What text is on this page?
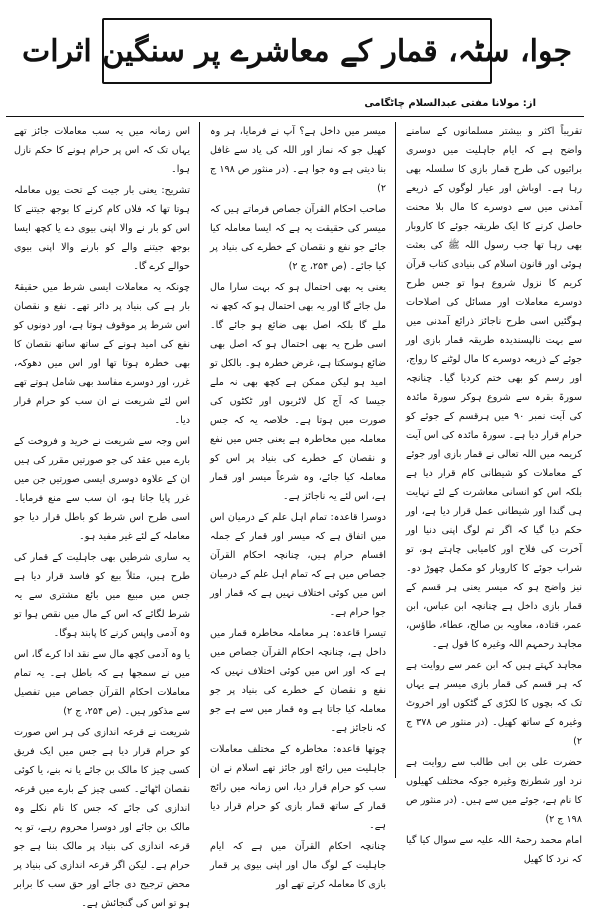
جوا، سٹہ، قمار کے معاشرے پر سنگین اثرات
از: مولانا مفتی عبدالسلام چاٹگامی

تقریباً اکثر و بیشتر مسلمانوں کے سامنے واضح ہے کہ ایام جاہلیت میں دوسری برائیوں کی طرح قمار بازی کا سلسلہ بھی رہا ہے۔ اوباش اور عیار لوگوں کے ذریعے آمدنی میں سے دوسرے کا مال بلا محنت حاصل کرنے کا ایک طریقہ جوئے کا کاروبار بھی رہا تھا جب رسول اللہ ﷺ کی بعثت ہوئی اور قانون اسلام کی بنیادی کتاب قرآن کریم کا نزول شروع ہوا تو جس طرح دوسرے معاملات اور مسائل کی اصلاحات ہوگئیں اسی طرح ناجائز ذرائع آمدنی میں سے بہت نالپسندیدہ طریقہ قمار بازی اور جوئے کے ذریعہ دوسرے کا مال لوٹنے کا رواج، اور رسم کو بھی ختم کردیا گیا۔ چنانچہ سورۃ بقرہ سے شروع ہوکر سورۃ مائدہ کی آیت نمبر ۹۰ میں ہرقسم کے جوئے کو حرام قرار دیا ہے۔ سورۃ مائدہ کی اس آیت کریمہ میں اللہ تعالی نے قمار بازی اور جوئے کے معاملات کو شیطانی کام قرار دیا ہے بلکہ اس کو انسانی معاشرت کے لئے نہایت ہی گندا اور شیطانی عمل قرار دیا ہے، اور حکم دیا گیا کہ اگر تم لوگ اپنی دنیا اور آخرت کی فلاح اور کامیابی چاہتے ہو، تو شراب جوئے کا کاروبار کو مکمل چھوڑ دو۔ نیز واضح ہو کہ میسر یعنی ہر قسم کے قمار بازی داخل ہے چنانچہ ابن عباس، ابن عمر، قتادہ، معاویہ بن صالح، عطاء، طاؤس، مجاہد رحمہم اللہ وغیرہ کا قول ہے۔

مجاہد کہتے ہیں کہ ابن عمر سے روایت ہے کہ ہر قسم کی قمار بازی میسر ہے یہاں تک کہ بچوں کا لکڑی کے گٹکوں اور اخروٹ وغیرہ کے ساتھ کھیل۔ (در منثور ص ۳۷۸ ج ۲)

حضرت علی بن ابی طالب سے روایت ہے نرد اور شطرنج وغیرہ جوکہ مختلف کھیلوں کا نام ہے، جوئے میں سے ہیں۔ (در منثور ص ۱۹۸ ج ۲)

امام محمد رحمۃ اللہ علیہ سے سوال کیا گیا کہ نرد کا کھیل

میسر میں داخل ہے؟ آپ نے فرمایا، ہر وہ کھیل جو کہ نماز اور اللہ کی یاد سے غافل بنا دیتی ہے وہ جوا ہے۔ (در منثور ص ۱۹۸ ج ۲)

صاحب احکام القرآن جصاص فرماتے ہیں کہ میسر کی حقیقت یہ ہے کہ ایسا معاملہ کیا جائے جو نفع و نقصان کے خطرے کی بنیاد پر کیا جائے۔ (ص ۲۵۴، ج ۲)

یعنی یہ بھی احتمال ہو کہ بہت سارا مال مل جائے گا اور یہ بھی احتمال ہو کہ کچھ نہ ملے گا بلکہ اصل بھی ضائع ہو جائے گا۔ اسی طرح یہ بھی احتمال ہو کہ اصل بھی ضائع ہوسکتا ہے، غرض خطرہ ہو۔ بالکل تو امید ہو لیکن ممکن ہے کچھ بھی نہ ملے جیسا کہ آج کل لاٹریوں اور ٹکٹوں کی صورت میں ہوتا ہے۔ خلاصہ یہ کہ جس معاملہ میں مخاطرہ ہے یعنی جس میں نفع و نقصان کے خطرے کی بنیاد پر اس کو معاملہ کیا جائے، وہ شرعاً میسر اور قمار ہے، اس لئے یہ ناجائز ہے۔

دوسرا قاعدہ: تمام اہل علم کے درمیان اس میں اتفاق ہے کہ میسر اور قمار کے جملہ اقسام حرام ہیں، چنانچہ احکام القرآن جصاص میں ہے کہ تمام اہل علم کے درمیان اس میں کوئی اختلاف نہیں ہے کہ قمار اور جوا حرام ہے۔

تیسرا قاعدہ: ہر معاملہ مخاطرہ قمار میں داخل ہے، چنانچہ احکام القرآن جصاص میں ہے کہ اور اس میں کوئی اختلاف نہیں کہ نفع و نقصان کے خطرے کی بنیاد پر جو معاملہ کیا جاتا ہے وہ قمار میں سے ہے جو کہ ناجائز ہے۔

چوتھا قاعدہ: مخاطرہ کے مختلف معاملات جاہلیت میں رائج اور جائز تھے اسلام نے ان سب کو حرام قرار دیا، اس زمانہ میں رائج قمار کے ساتھ قمار بازی کو حرام قرار دیا ہے۔

چنانچہ احکام القرآن میں ہے کہ ایام جاہلیت کے لوگ مال اور اپنی بیوی پر قمار بازی کا معاملہ کرتے تھے اور

اس زمانہ میں یہ سب معاملات جائز تھے یہاں تک کہ اس پر حرام ہونے کا حکم نازل ہوا۔

تشریح: یعنی بار جیت کے تحت یوں معاملہ ہوتا تھا کہ فلاں کام کرنے کا بوجھ جیتنے کا اس کو بار نے والا اپنی بیوی دے یا کچھ ایسا بوجھ جیتنے والے کو بارنے والا اپنی بیوی حوالے کرے گا۔

چونکہ یہ معاملات ایسی شرط میں حقیقۃً بار ہے کی بنیاد پر دائر تھے۔ نفع و نقصان اس شرط پر موقوف ہوتا ہے، اور دونوں کو نفع کی امید ہونے کے ساتھ ساتھ نقصان کا بھی خطرہ ہوتا تھا اور اس میں دھوکہ، غرر، اور دوسرے مفاسد بھی شامل ہوتے تھے اس لئے شریعت نے ان سب کو حرام قرار دیا۔

اس وجہ سے شریعت نے خرید و فروخت کے بارے میں عقد کی جو صورتیں مقرر کی ہیں ان کے علاوہ دوسری ایسی صورتیں جن میں غرر پایا جاتا ہو، ان سب سے منع فرمایا۔ اسی طرح اس شرط کو باطل قرار دیا جو معاملہ کے لئے غیر مفید ہو۔

یہ ساری شرطیں بھی جاہلیت کے قمار کی طرح ہیں، مثلاً بیع کو فاسد قرار دیا ہے جس میں مبیع میں بائع مشتری سے یہ شرط لگائے کہ اس کے مال میں نقص ہوا تو وہ آدمی واپس کرنے کا پابند ہوگا۔

یا وہ آدمی کچھ مال سے نقد ادا کرے گا، اس میں نے سمجھا ہے کہ باطل ہے۔ یہ تمام معاملات احکام القرآن جصاص میں تفصیل سے مذکور ہیں۔ (ص ۲۵۴، ج ۲)

شریعت نے قرعہ اندازی کی ہر اس صورت کو حرام قرار دیا ہے جس میں ایک فریق کسی چیز کا مالک بن جائے یا نہ بنے، یا کوئی نقصان اٹھائے۔ کسی چیز کے بارے میں قرعہ اندازی کی جائے کہ جس کا نام نکلے وہ مالک بن جائے اور دوسرا محروم رہے، تو یہ قرعہ اندازی کی بنیاد پر مالک بننا ہے جو حرام ہے۔ لیکن اگر قرعہ اندازی کی بنیاد پر محض ترجیح دی جائے اور حق سب کا برابر ہو تو اس کی گنجائش ہے۔
